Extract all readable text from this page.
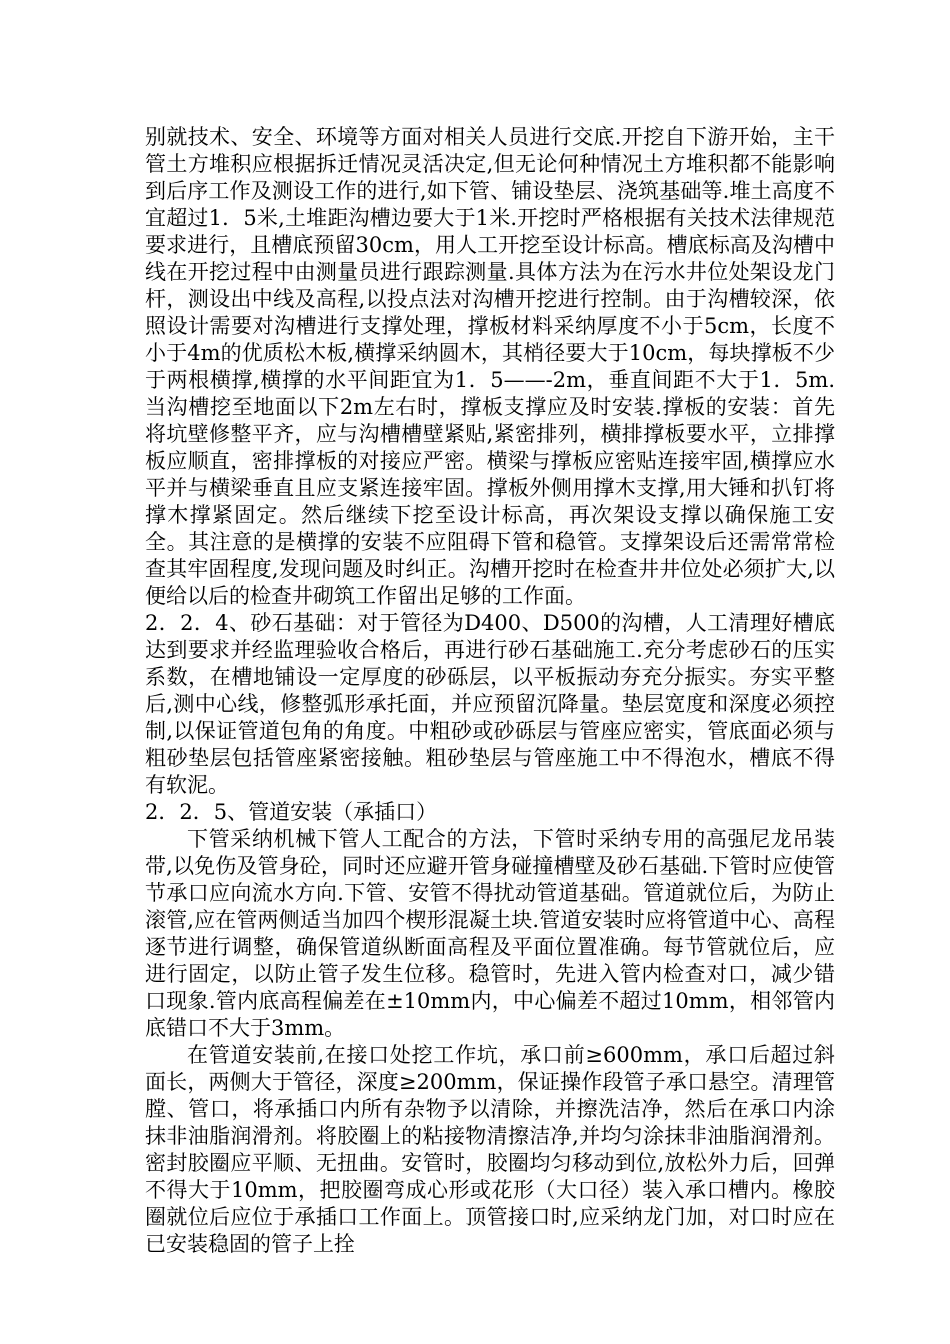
别就技术、安全、环境等方面对相关人员进行交底.开挖自下游开始，主干管土方堆积应根据拆迁情况灵活决定,但无论何种情况土方堆积都不能影响到后序工作及测设工作的进行,如下管、铺设垫层、浇筑基础等.堆土高度不宜超过1．5米,土堆距沟槽边要大于1米.开挖时严格根据有关技术法律规范要求进行，且槽底预留30cm，用人工开挖至设计标高。槽底标高及沟槽中线在开挖过程中由测量员进行跟踪测量.具体方法为在污水井位处架设龙门杆，测设出中线及高程,以投点法对沟槽开挖进行控制。由于沟槽较深，依照设计需要对沟槽进行支撑处理，撑板材料采纳厚度不小于5cm，长度不小于4m的优质松木板,横撑采纳圆木，其梢径要大于10cm，每块撑板不少于两根横撑,横撑的水平间距宜为1．5——-2m，垂直间距不大于1．5m.当沟槽挖至地面以下2m左右时，撑板支撑应及时安装.撑板的安装：首先将坑壁修整平齐，应与沟槽槽壁紧贴,紧密排列，横排撑板要水平，立排撑板应顺直，密排撑板的对接应严密。横梁与撑板应密贴连接牢固,横撑应水平并与横梁垂直且应支紧连接牢固。撑板外侧用撑木支撑,用大锤和扒钉将撑木撑紧固定。然后继续下挖至设计标高，再次架设支撑以确保施工安全。其注意的是横撑的安装不应阻碍下管和稳管。支撑架设后还需常常检查其牢固程度,发现问题及时纠正。沟槽开挖时在检查井井位处必须扩大,以便给以后的检查井砌筑工作留出足够的工作面。

2．2．4、砂石基础：对于管径为D400、D500的沟槽，人工清理好槽底达到要求并经监理验收合格后，再进行砂石基础施工.充分考虑砂石的压实系数，在槽地铺设一定厚度的砂砾层，以平板振动夯充分振实。夯实平整后,测中心线，修整弧形承托面，并应预留沉降量。垫层宽度和深度必须控制,以保证管道包角的角度。中粗砂或砂砾层与管座应密实，管底面必须与粗砂垫层包括管座紧密接触。粗砂垫层与管座施工中不得泡水，槽底不得有软泥。

2．2．5、管道安装（承插口）

下管采纳机械下管人工配合的方法，下管时采纳专用的高强尼龙吊装带,以免伤及管身砼，同时还应避开管身碰撞槽壁及砂石基础.下管时应使管节承口应向流水方向.下管、安管不得扰动管道基础。管道就位后，为防止滚管,应在管两侧适当加四个楔形混凝土块.管道安装时应将管道中心、高程逐节进行调整，确保管道纵断面高程及平面位置准确。每节管就位后，应进行固定，以防止管子发生位移。稳管时，先进入管内检查对口，减少错口现象.管内底高程偏差在±10mm内，中心偏差不超过10mm，相邻管内底错口不大于3mm。

在管道安装前,在接口处挖工作坑，承口前≥600mm，承口后超过斜面长，两侧大于管径，深度≥200mm，保证操作段管子承口悬空。清理管膛、管口，将承插口内所有杂物予以清除，并擦洗洁净，然后在承口内涂抹非油脂润滑剂。将胶圈上的粘接物清擦洁净,并均匀涂抹非油脂润滑剂。密封胶圈应平顺、无扭曲。安管时，胶圈均匀移动到位,放松外力后，回弹不得大于10mm，把胶圈弯成心形或花形（大口径）装入承口槽内。橡胶圈就位后应位于承插口工作面上。顶管接口时,应采纳龙门加，对口时应在已安装稳固的管子上拴
